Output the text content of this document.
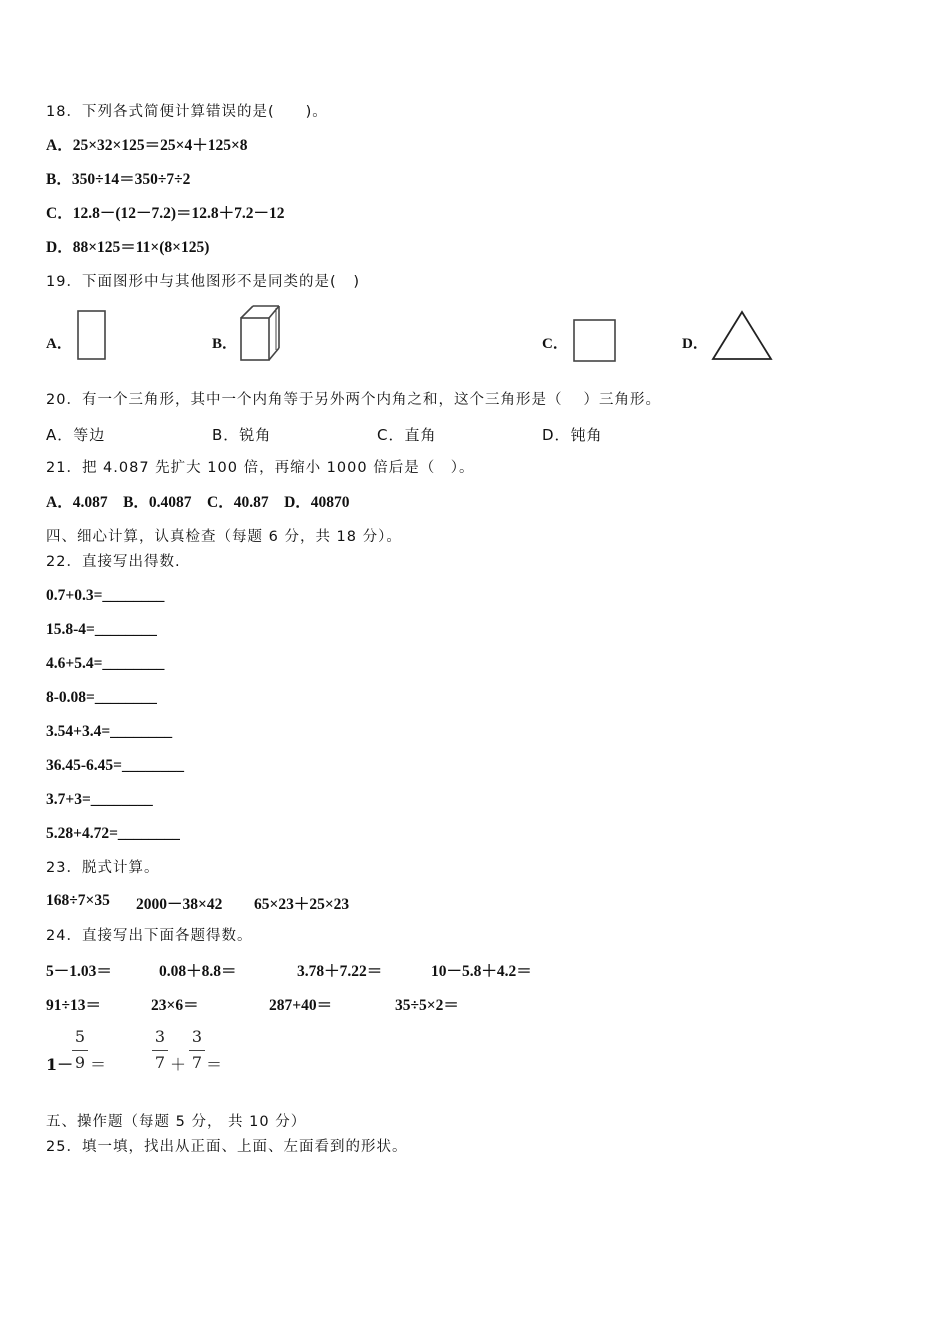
18．下列各式简便计算错误的是(　　)。
A．25×32×125＝25×4＋125×8
B．350÷14＝350÷7÷2
C．12.8－(12－7.2)＝12.8＋7.2－12
D．88×125＝11×(8×125)
19．下面图形中与其他图形不是同类的是(   )
A．	B．	C．	D．
20．有一个三角形，其中一个内角等于另外两个内角之和，这个三角形是（　 ）三角形。
A．等边	B．锐角	C．直角	D．钝角
21．把 4.087 先扩大 100 倍，再缩小 1000 倍后是（　）。
A．4.087　B．0.4087　C．40.87　D．40870
四、细心计算，认真检查（每题 6 分，共 18 分）。
22．直接写出得数.
0.7+0.3=________
15.8-4=________
4.6+5.4=________
8-0.08=________
3.54+3.4=________
36.45-6.45=________
3.7+3=________
5.28+4.72=________
23．脱式计算。
168÷7×35 2000－38×42 65×23＋25×23
24．直接写出下面各题得数。
5－1.03＝	0.08＋8.8＝	3.78＋7.22＝	10－5.8＋4.2＝
91÷13＝	23×6＝	287+40＝	35÷5×2＝
1－
5
9 ＝
3
7 ＋
3
7 ＝
五、操作题（每题 5 分， 共 10 分）
25．填一填，找出从正面、上面、左面看到的形状。
